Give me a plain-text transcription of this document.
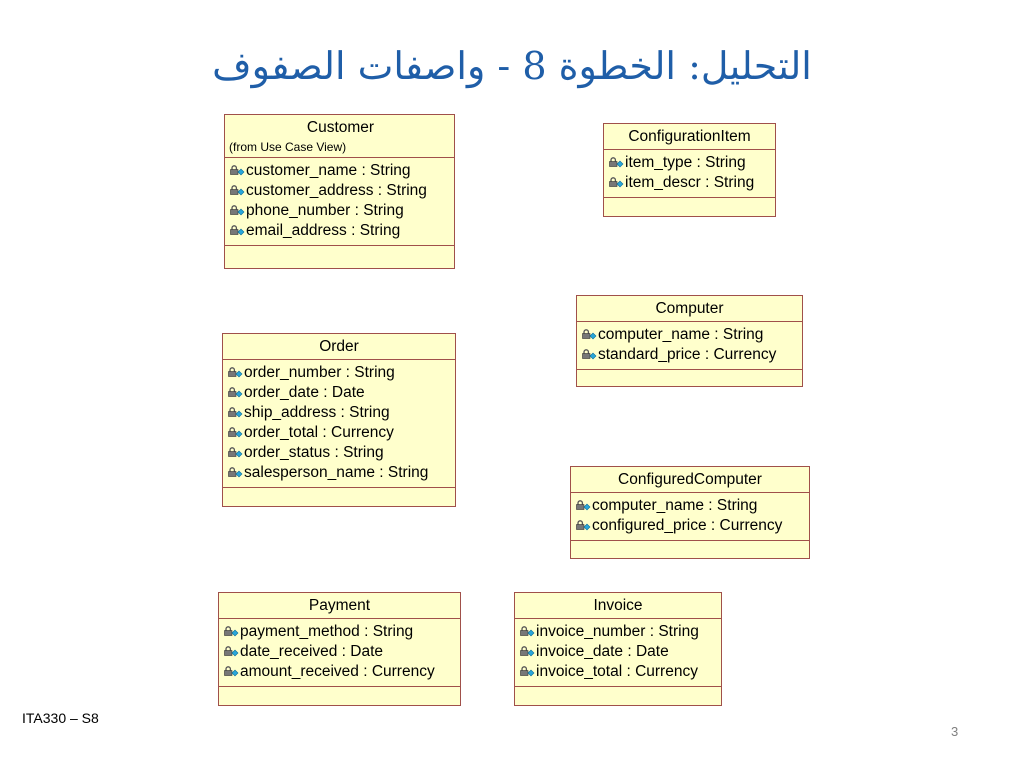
التحليل: الخطوة 8 - واصفات الصفوف
Customer
(from Use Case View)
customer_name : String
customer_address : String
phone_number : String
email_address : String
ConfigurationItem
item_type : String
item_descr : String
Computer
computer_name : String
standard_price : Currency
Order
order_number : String
order_date : Date
ship_address : String
order_total : Currency
order_status : String
salesperson_name : String	ConfiguredComputer
computer_name : String
configured_price : Currency
Payment
payment_method : String
date_received : Date
amount_received : Currency
Invoice
invoice_number : String
invoice_date : Date
invoice_total : Currency
ITA330 – S8
3
